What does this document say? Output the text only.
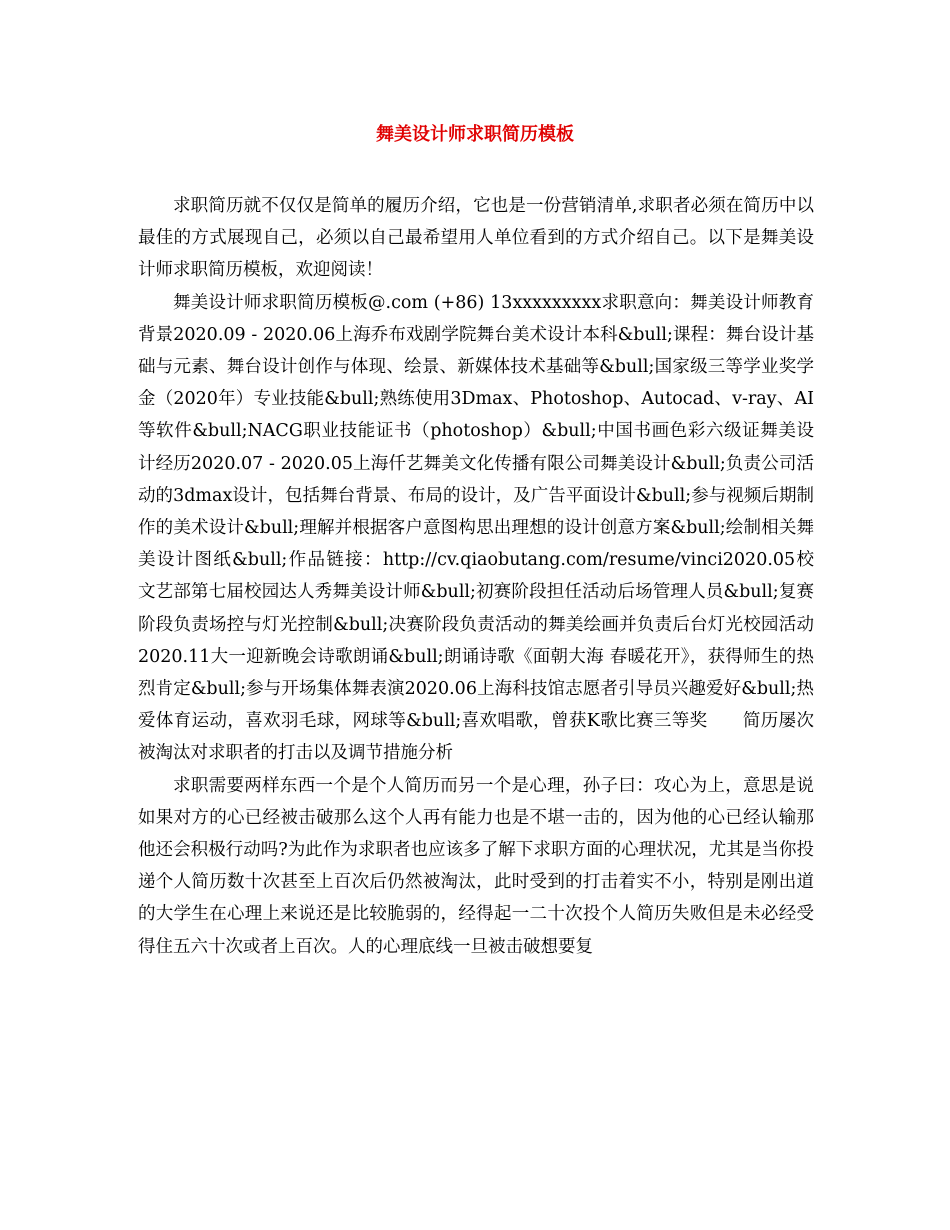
舞美设计师求职简历模板

求职简历就不仅仅是简单的履历介绍，它也是一份营销清单,求职者必须在简历中以最佳的方式展现自己，必须以自己最希望用人单位看到的方式介绍自己。以下是舞美设计师求职简历模板，欢迎阅读！

舞美设计师求职简历模板@.com (+86) 13xxxxxxxxx求职意向：舞美设计师教育背景2020.09 - 2020.06上海乔布戏剧学院舞台美术设计本科&bull;课程：舞台设计基础与元素、舞台设计创作与体现、绘景、新媒体技术基础等&bull;国家级三等学业奖学金（2020年）专业技能&bull;熟练使用3Dmax、Photoshop、Autocad、v-ray、AI等软件&bull;NACG职业技能证书（photoshop）&bull;中国书画色彩六级证舞美设计经历2020.07 - 2020.05上海仟艺舞美文化传播有限公司舞美设计&bull;负责公司活动的3dmax设计，包括舞台背景、布局的设计，及广告平面设计&bull;参与视频后期制作的美术设计&bull;理解并根据客户意图构思出理想的设计创意方案&bull;绘制相关舞美设计图纸&bull;作品链接：http://cv.qiaobutang.com/resume/vinci2020.05校文艺部第七届校园达人秀舞美设计师&bull;初赛阶段担任活动后场管理人员&bull;复赛阶段负责场控与灯光控制&bull;决赛阶段负责活动的舞美绘画并负责后台灯光校园活动2020.11大一迎新晚会诗歌朗诵&bull;朗诵诗歌《面朝大海 春暖花开》，获得师生的热烈肯定&bull;参与开场集体舞表演2020.06上海科技馆志愿者引导员兴趣爱好&bull;热爱体育运动，喜欢羽毛球，网球等&bull;喜欢唱歌，曾获K歌比赛三等奖 简历屡次被淘汰对求职者的打击以及调节措施分析

求职需要两样东西一个是个人简历而另一个是心理，孙子曰：攻心为上，意思是说如果对方的心已经被击破那么这个人再有能力也是不堪一击的，因为他的心已经认输那他还会积极行动吗?为此作为求职者也应该多了解下求职方面的心理状况，尤其是当你投递个人简历数十次甚至上百次后仍然被淘汰，此时受到的打击着实不小，特别是刚出道的大学生在心理上来说还是比较脆弱的，经得起一二十次投个人简历失败但是未必经受得住五六十次或者上百次。人的心理底线一旦被击破想要复
